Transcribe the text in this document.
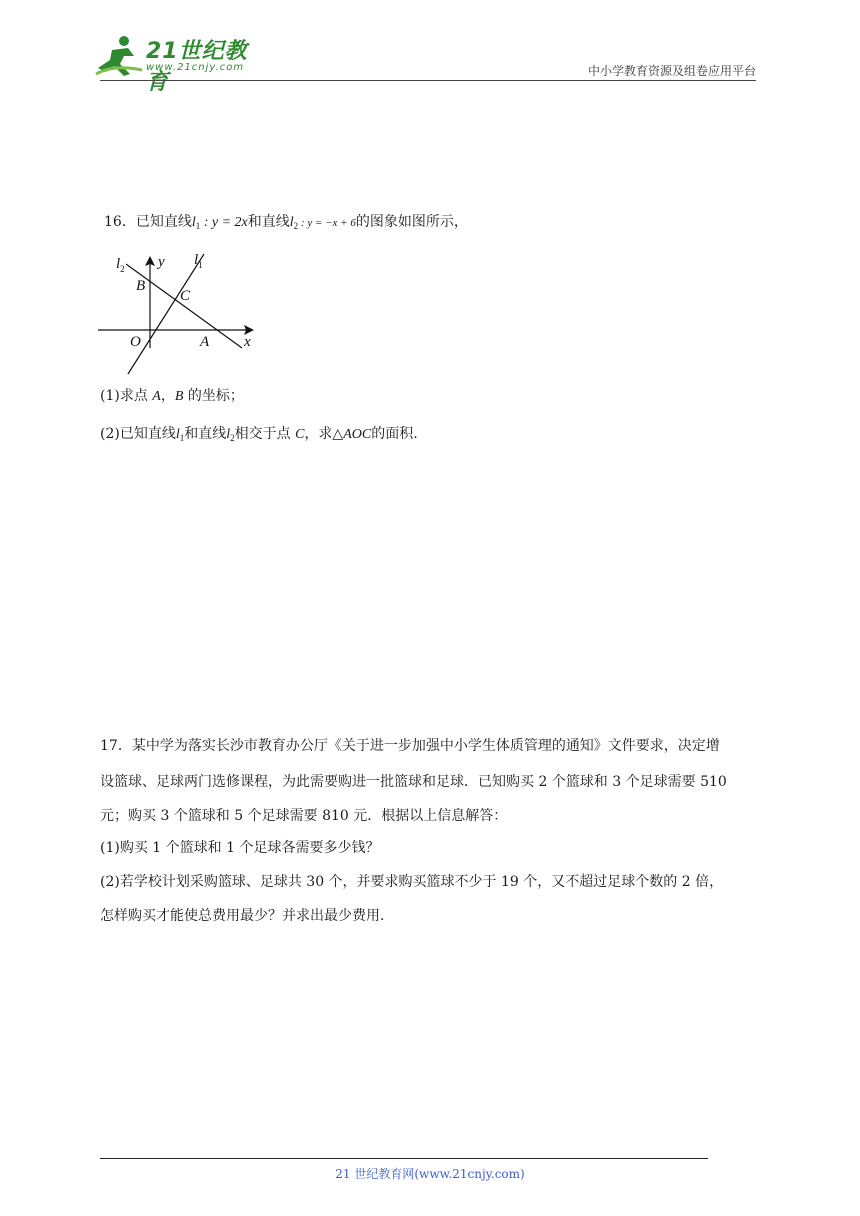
21世纪教育
www.21cnjy.com	中小学教育资源及组卷应用平台
16．已知直线$l_1$ : y = 2x和直线$l_2$ : y = −x + 6的图象如图所示，
$l_2$ y $l_1$
B
C
O	A x
(1)求点 A，B 的坐标；
(2)已知直线$l_1$和直线$l_2$相交于点 C，求△AOC的面积.
17．某中学为落实长沙市教育办公厅《关于进一步加强中小学生体质管理的通知》文件要求，决定增
设篮球、足球两门选修课程，为此需要购进一批篮球和足球．已知购买 2 个篮球和 3 个足球需要 510
元；购买 3 个篮球和 5 个足球需要 810 元．根据以上信息解答：
(1)购买 1 个篮球和 1 个足球各需要多少钱？
(2)若学校计划采购篮球、足球共 30 个，并要求购买篮球不少于 19 个，又不超过足球个数的 2 倍，
怎样购买才能使总费用最少？并求出最少费用．
21 世纪教育网(www.21cnjy.com)
